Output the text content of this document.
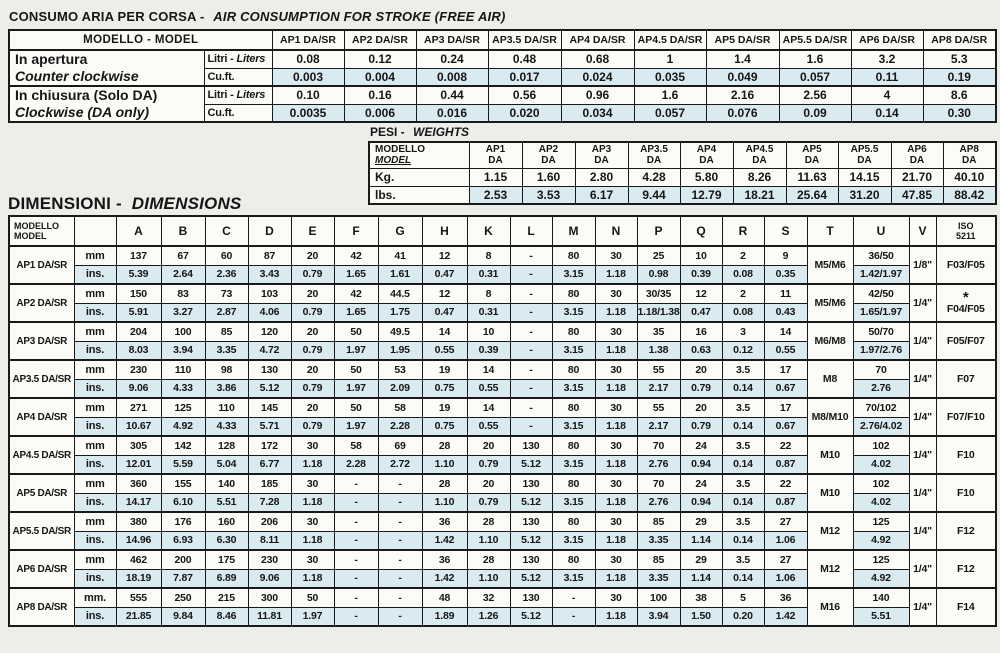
CONSUMO ARIA PER CORSA - AIR CONSUMPTION FOR STROKE (FREE AIR)
MODELLO - MODEL		AP1 DA/SR	AP2 DA/SR	AP3 DA/SR	AP3.5 DA/SR	AP4 DA/SR	AP4.5 DA/SR	AP5 DA/SR	AP5.5 DA/SR	AP6 DA/SR	AP8 DA/SR

In apertura
Counter clockwise	Litri - Liters	0.08	0.12	0.24	0.48	0.68	1	1.4	1.6	3.2	5.3
	Cu.ft.	0.003	0.004	0.008	0.017	0.024	0.035	0.049	0.057	0.11	0.19

In chiusura (Solo DA)
Clockwise (DA only)	Litri - Liters	0.10	0.16	0.44	0.56	0.96	1.6	2.16	2.56	4	8.6
	Cu.ft.	0.0035	0.006	0.016	0.020	0.034	0.057	0.076	0.09	0.14	0.30
PESI - WEIGHTS
MODELLO
MODEL

AP1
DA

AP2
DA

AP3
DA

AP3.5
DA

AP4
DA

AP4.5
DA

AP5
DA

AP5.5
DA

AP6
DA

AP8
DA

Kg.	1.15	1.60	2.80	4.28	5.80	8.26	11.63	14.15	21.70	40.10
lbs.	2.53	3.53	6.17	9.44	12.79	18.21	25.64	31.20	47.85	88.42
DIMENSIONI - DIMENSIONS
MODELLO
MODEL		A	B	C	D	E	F	G	H	K	L	M	N	P	Q	R	S	T	U	V	ISO
5211

AP1 DA/SR	mm	137	67	60	87	20	42	41	12	8	-	80	30	25	10	2	9	M5/M6	36/50	1/8"	F03/F05

	ins.	5.39	2.64	2.36	3.43	0.79	1.65	1.61	0.47	0.31	-	3.15	1.18	0.98	0.39	0.08	0.35		1.42/1.97		
AP2 DA/SR	mm	150	83	73	103	20	42	44.5	12	8	-	80	30	30/35	12	2	11	M5/M6	42/50	1/4"	*
F04/F05

	ins.	5.91	3.27	2.87	4.06	0.79	1.65	1.75	0.47	0.31	-	3.15	1.18	1.18/1.38	0.47	0.08	0.43		1.65/1.97		
AP3 DA/SR	mm	204	100	85	120	20	50	49.5	14	10	-	80	30	35	16	3	14	M6/M8	50/70	1/4"	F05/F07

	ins.	8.03	3.94	3.35	4.72	0.79	1.97	1.95	0.55	0.39	-	3.15	1.18	1.38	0.63	0.12	0.55		1.97/2.76		
AP3.5 DA/SR	mm	230	110	98	130	20	50	53	19	14	-	80	30	55	20	3.5	17	M8	70	1/4"	F07

	ins.	9.06	4.33	3.86	5.12	0.79	1.97	2.09	0.75	0.55	-	3.15	1.18	2.17	0.79	0.14	0.67		2.76		
AP4 DA/SR	mm	271	125	110	145	20	50	58	19	14	-	80	30	55	20	3.5	17	M8/M10	70/102	1/4"	F07/F10

	ins.	10.67	4.92	4.33	5.71	0.79	1.97	2.28	0.75	0.55	-	3.15	1.18	2.17	0.79	0.14	0.67		2.76/4.02		
AP4.5 DA/SR	mm	305	142	128	172	30	58	69	28	20	130	80	30	70	24	3.5	22	M10	102	1/4"	F10

	ins.	12.01	5.59	5.04	6.77	1.18	2.28	2.72	1.10	0.79	5.12	3.15	1.18	2.76	0.94	0.14	0.87		4.02		
AP5 DA/SR	mm	360	155	140	185	30	-	-	28	20	130	80	30	70	24	3.5	22	M10	102	1/4"	F10

	ins.	14.17	6.10	5.51	7.28	1.18	-	-	1.10	0.79	5.12	3.15	1.18	2.76	0.94	0.14	0.87		4.02		
AP5.5 DA/SR	mm	380	176	160	206	30	-	-	36	28	130	80	30	85	29	3.5	27	M12	125	1/4"	F12

	ins.	14.96	6.93	6.30	8.11	1.18	-	-	1.42	1.10	5.12	3.15	1.18	3.35	1.14	0.14	1.06		4.92		
AP6 DA/SR	mm	462	200	175	230	30	-	-	36	28	130	80	30	85	29	3.5	27	M12	125	1/4"	F12

	ins.	18.19	7.87	6.89	9.06	1.18	-	-	1.42	1.10	5.12	3.15	1.18	3.35	1.14	0.14	1.06		4.92		
AP8 DA/SR	mm.	555	250	215	300	50	-	-	48	32	130	-	30	100	38	5	36	M16	140	1/4"	F14

	ins.	21.85	9.84	8.46	11.81	1.97	-	-	1.89	1.26	5.12	-	1.18	3.94	1.50	0.20	1.42		5.51		
